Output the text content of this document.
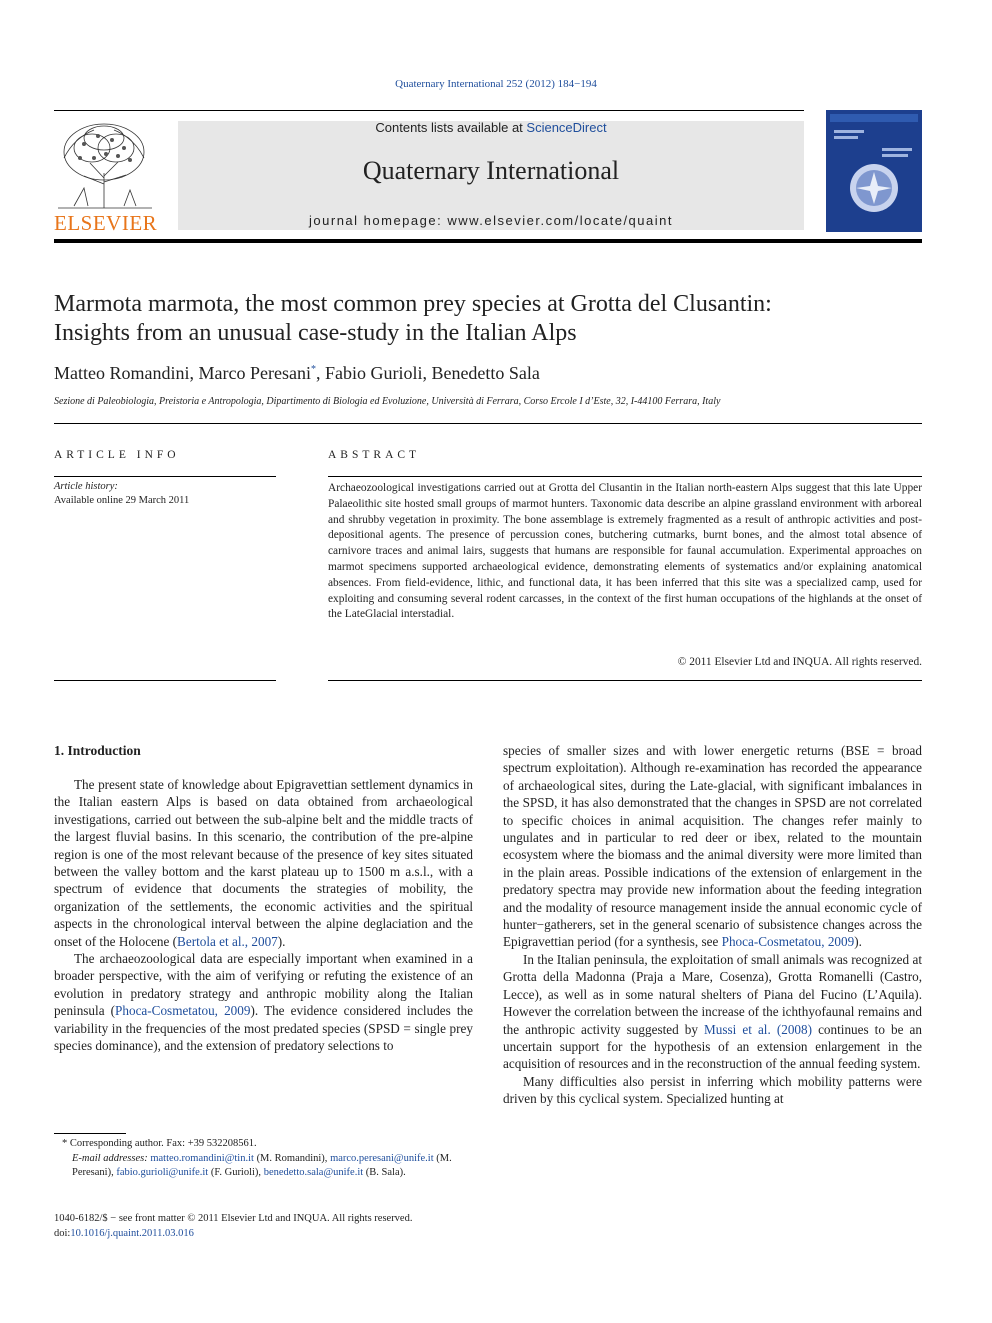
Quaternary International 252 (2012) 184−194
ELSEVIER
Contents lists available at ScienceDirect
Quaternary International
journal homepage: www.elsevier.com/locate/quaint
Marmota marmota, the most common prey species at Grotta del Clusantin:
Insights from an unusual case-study in the Italian Alps
Matteo Romandini, Marco Peresani*, Fabio Gurioli, Benedetto Sala
Sezione di Paleobiologia, Preistoria e Antropologia, Dipartimento di Biologia ed Evoluzione, Università di Ferrara, Corso Ercole I d’Este, 32, I-44100 Ferrara, Italy
ARTICLE INFO
Article history:
Available online 29 March 2011
ABSTRACT
Archaeozoological investigations carried out at Grotta del Clusantin in the Italian north-eastern Alps suggest that this late Upper Palaeolithic site hosted small groups of marmot hunters. Taxonomic data describe an alpine grassland environment with arboreal and shrubby vegetation in proximity. The bone assemblage is extremely fragmented as a result of anthropic activities and post-depositional agents. The presence of percussion cones, butchering cutmarks, burnt bones, and the almost total absence of carnivore traces and animal lairs, suggests that humans are responsible for faunal accumulation. Experimental approaches on marmot specimens supported archaeological evidence, demonstrating elements of systematics and/or explaining anatomical absences. From field-evidence, lithic, and functional data, it has been inferred that this site was a specialized camp, used for exploiting and consuming several rodent carcasses, in the context of the first human occupations of the highlands at the onset of the LateGlacial interstadial.
© 2011 Elsevier Ltd and INQUA. All rights reserved.
1. Introduction

The present state of knowledge about Epigravettian settlement dynamics in the Italian eastern Alps is based on data obtained from archaeological investigations, carried out between the sub-alpine belt and the middle tracts of the largest fluvial basins. In this scenario, the contribution of the pre-alpine region is one of the most relevant because of the presence of key sites situated between the valley bottom and the karst plateau up to 1500 m a.s.l., with a spectrum of evidence that documents the strategies of mobility, the organization of the settlements, the economic activities and the spiritual aspects in the chronological interval between the alpine deglaciation and the onset of the Holocene (Bertola et al., 2007).

The archaeozoological data are especially important when examined in a broader perspective, with the aim of verifying or refuting the existence of an evolution in predatory strategy and anthropic mobility along the Italian peninsula (Phoca-Cosmetatou, 2009). The evidence considered includes the variability in the frequencies of the most predated species (SPSD = single prey species dominance), and the extension of predatory selections to

species of smaller sizes and with lower energetic returns (BSE = broad spectrum exploitation). Although re-examination has recorded the appearance of archaeological sites, during the Late-glacial, with significant imbalances in the SPSD, it has also demonstrated that the changes in SPSD are not correlated to specific choices in animal acquisition. The changes refer mainly to ungulates and in particular to red deer or ibex, related to the mountain ecosystem where the biomass and the animal diversity were more limited than in the plain areas. Possible indications of the extension of enlargement in the predatory spectra may provide new information about the feeding integration and the modality of resource management inside the annual economic cycle of hunter−gatherers, set in the general scenario of subsistence changes across the Epigravettian period (for a synthesis, see Phoca-Cosmetatou, 2009).

In the Italian peninsula, the exploitation of small animals was recognized at Grotta della Madonna (Praja a Mare, Cosenza), Grotta Romanelli (Castro, Lecce), as well as in some natural shelters of Piana del Fucino (L’Aquila). However the correlation between the increase of the ichthyofaunal remains and the anthropic activity suggested by Mussi et al. (2008) continues to be an uncertain support for the hypothesis of an extension enlargement in the acquisition of resources and in the reconstruction of the annual feeding system.

Many difficulties also persist in inferring which mobility patterns were driven by this cyclical system. Specialized hunting at

* Corresponding author. Fax: +39 532208561.
E-mail addresses: matteo.romandini@tin.it (M. Romandini), marco.peresani@unife.it (M. Peresani), fabio.gurioli@unife.it (F. Gurioli), benedetto.sala@unife.it (B. Sala).
1040-6182/$ − see front matter © 2011 Elsevier Ltd and INQUA. All rights reserved.
doi:10.1016/j.quaint.2011.03.016
